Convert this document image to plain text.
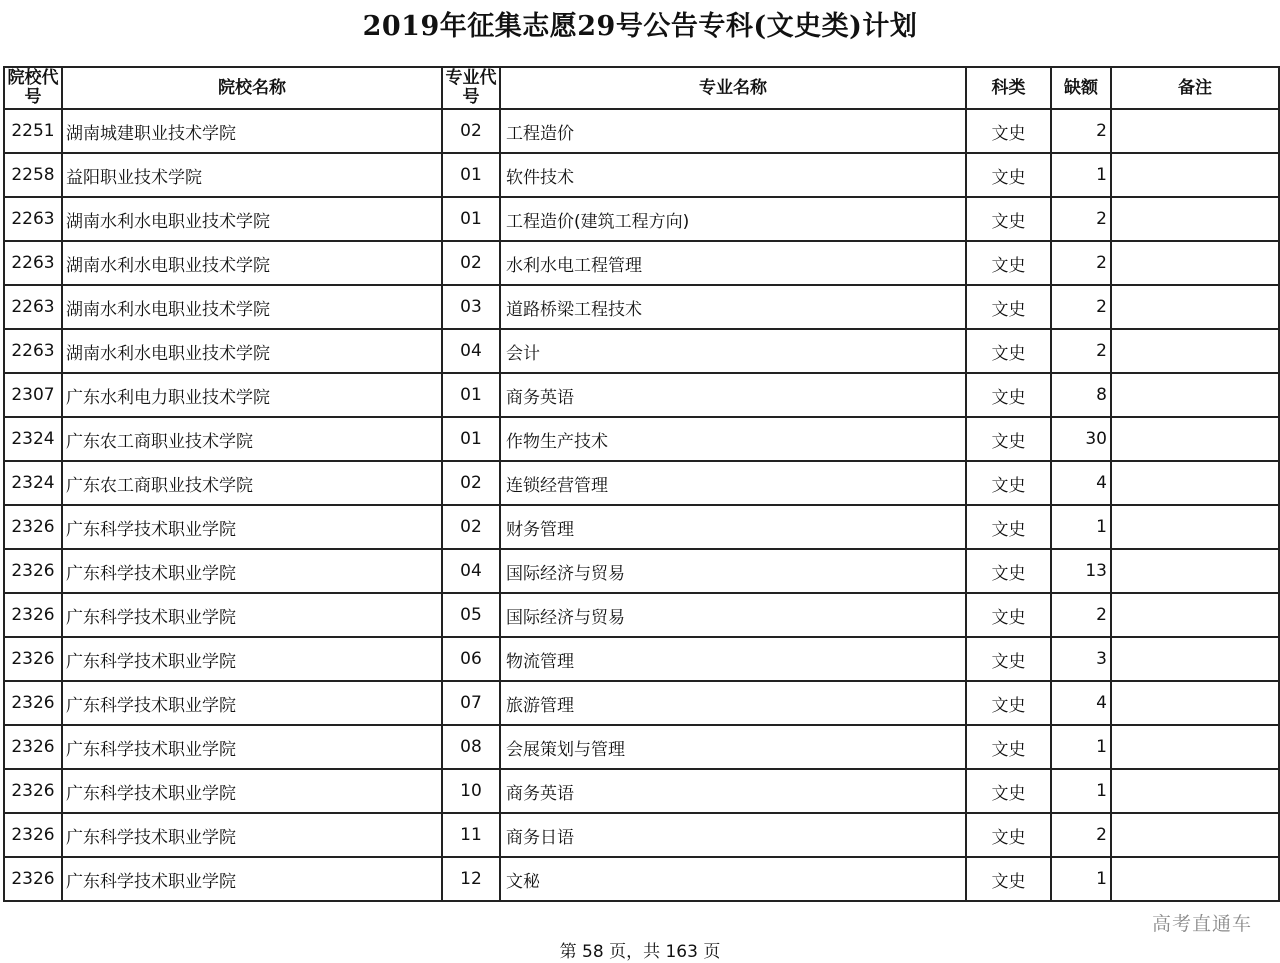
2019年征集志愿29号公告专科(文史类)计划
院校代号	院校名称	专业代号	专业名称	科类	缺额	备注
2251	湖南城建职业技术学院	02	工程造价	文史	2	
2258	益阳职业技术学院	01	软件技术	文史	1	
2263	湖南水利水电职业技术学院	01	工程造价(建筑工程方向)	文史	2	
2263	湖南水利水电职业技术学院	02	水利水电工程管理	文史	2	
2263	湖南水利水电职业技术学院	03	道路桥梁工程技术	文史	2	
2263	湖南水利水电职业技术学院	04	会计	文史	2	
2307	广东水利电力职业技术学院	01	商务英语	文史	8	
2324	广东农工商职业技术学院	01	作物生产技术	文史	30	
2324	广东农工商职业技术学院	02	连锁经营管理	文史	4	
2326	广东科学技术职业学院	02	财务管理	文史	1	
2326	广东科学技术职业学院	04	国际经济与贸易	文史	13	
2326	广东科学技术职业学院	05	国际经济与贸易	文史	2	
2326	广东科学技术职业学院	06	物流管理	文史	3	
2326	广东科学技术职业学院	07	旅游管理	文史	4	
2326	广东科学技术职业学院	08	会展策划与管理	文史	1	
2326	广东科学技术职业学院	10	商务英语	文史	1	
2326	广东科学技术职业学院	11	商务日语	文史	2	
2326	广东科学技术职业学院	12	文秘	文史	1	
高考直通车
第 58 页，共 163 页
